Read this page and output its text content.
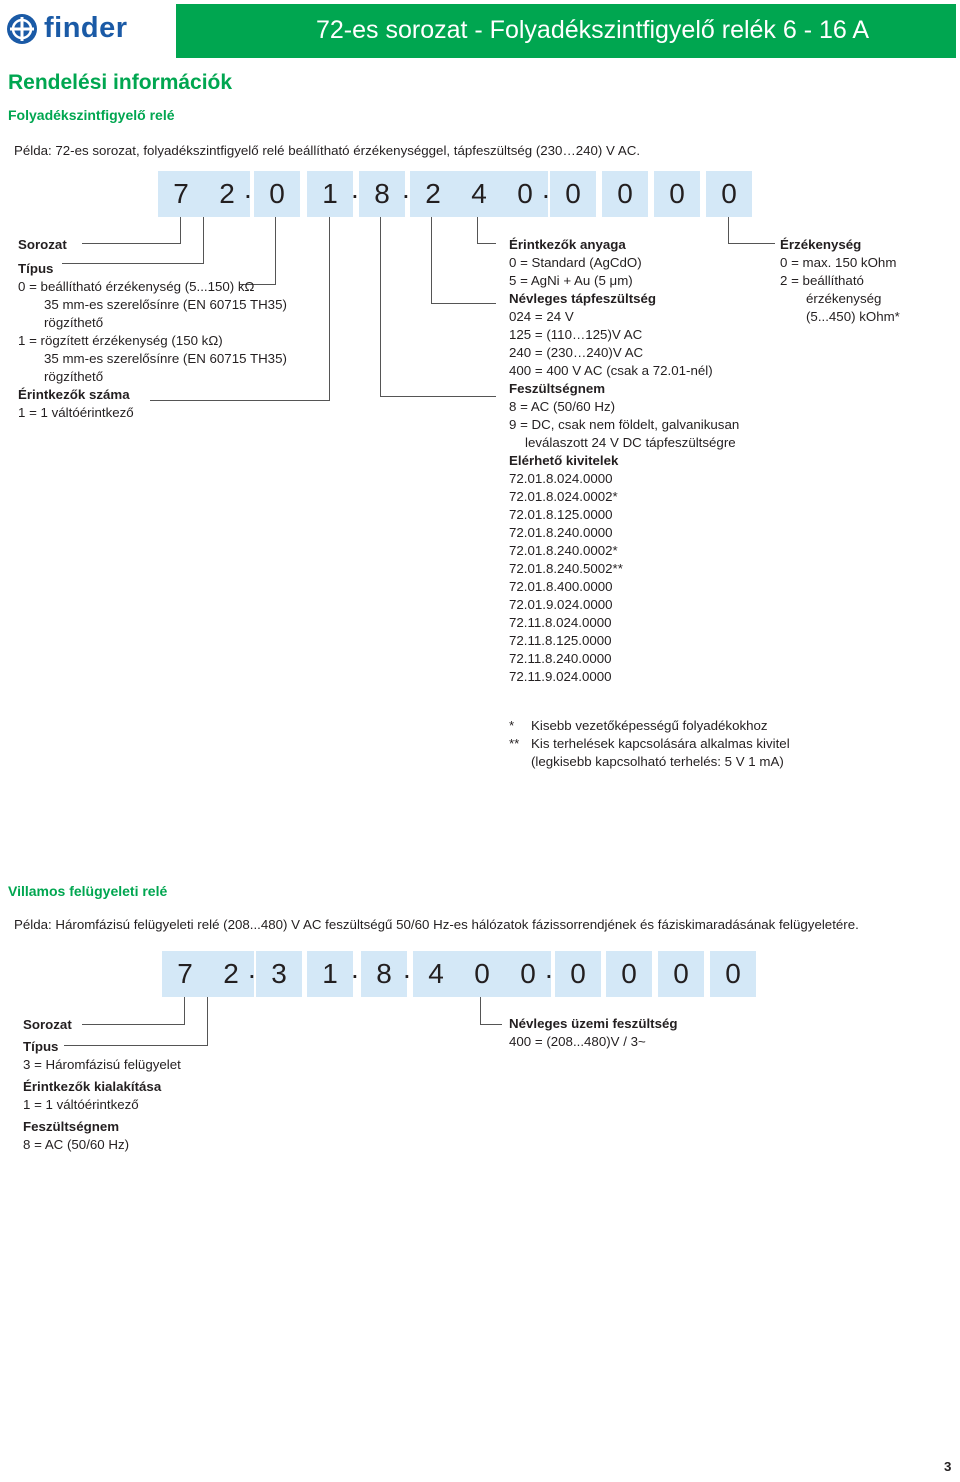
finder	72-es sorozat - Folyadékszintfigyelő relék 6 - 16 A
Rendelési információk
Folyadékszintfigyelő relé
Példa: 72-es sorozat, folyadékszintfigyelő relé beállítható érzékenységgel, tápfeszültség (230…240) V AC.
7	2 . 0	1 . 8 . 2	4	0 . 0	0	0	0
Sorozat
Típus
0 = beállítható érzékenység (5...150) kΩ
35 mm-es szerelősínre (EN 60715 TH35)
rögzíthető
1 = rögzített érzékenység (150 kΩ)
35 mm-es szerelősínre (EN 60715 TH35)
rögzíthető
Érintkezők száma
1 = 1 váltóérintkező
Érintkezők anyaga
0 = Standard (AgCdO)
5 = AgNi + Au (5 μm)
Névleges tápfeszültség
024 = 24 V
125 = (110…125)V AC
240 = (230…240)V AC
400 = 400 V AC (csak a 72.01-nél)
Feszültségnem
8 = AC (50/60 Hz)
9 = DC, csak nem földelt, galvanikusan
leválaszott 24 V DC tápfeszültségre
Elérhető kivitelek
72.01.8.024.0000
72.01.8.024.0002*
72.01.8.125.0000
72.01.8.240.0000
72.01.8.240.0002*
72.01.8.240.5002**
72.01.8.400.0000
72.01.9.024.0000
72.11.8.024.0000
72.11.8.125.0000
72.11.8.240.0000
72.11.9.024.0000
Érzékenység
0 = max. 150 kOhm
2 = beállítható
érzékenység
(5...450) kOhm*
* Kisebb vezetőképességű folyadékokhoz
** Kis terhelések kapcsolására alkalmas kivitel
(legkisebb kapcsolható terhelés: 5 V 1 mA)
Villamos felügyeleti relé
Példa: Háromfázisú felügyeleti relé (208...480) V AC feszültségű 50/60 Hz-es hálózatok fázissorrendjének és fáziskimaradásának felügyeletére.
7	2 . 3	1 . 8 . 4	0	0 . 0	0	0	0
Sorozat
Típus
3 = Háromfázisú felügyelet
Érintkezők kialakítása
1 = 1 váltóérintkező
Feszültségnem
8 = AC (50/60 Hz)
Névleges üzemi feszültség
400 = (208...480)V / 3~
3
